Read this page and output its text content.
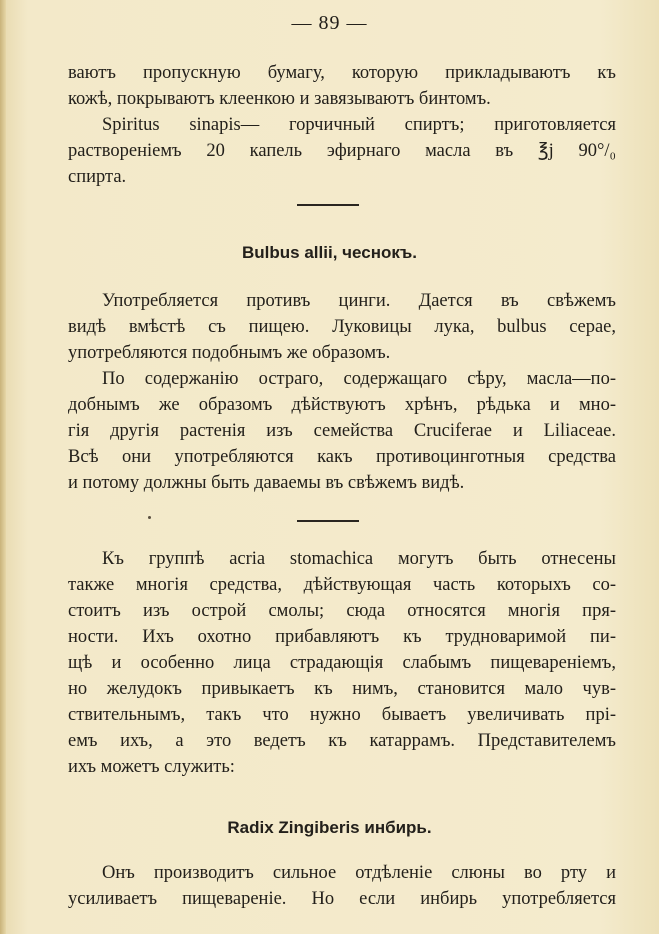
— 89 —
ваютъ пропускную бумагу, которую прикладываютъ къ
кожѣ, покрываютъ клеенкою и завязываютъ бинтомъ.
Spiritus sinapis— горчичный спиртъ; приготовляется
раствореніемъ 20 капель эфирнаго масла въ ℥j 90°/₀
спирта.
Bulbus allii, чеснокъ.
Употребляется противъ цинги. Дается въ свѣжемъ
видѣ вмѣстѣ съ пищею. Луковицы лука, bulbus cepae,
употребляются подобнымъ же образомъ.
По содержанію остраго, содержащаго сѣру, масла—по-
добнымъ же образомъ дѣйствуютъ хрѣнъ, рѣдька и мно-
гія другія растенія изъ семейства Cruciferae и Liliaceae.
Всѣ они употребляются какъ противоцинготныя средства
и потому должны быть даваемы въ свѣжемъ видѣ.
Къ группѣ acria stomachica могутъ быть отнесены
также многія средства, дѣйствующая часть которыхъ со-
стоитъ изъ острой смолы; сюда относятся многія пря-
ности. Ихъ охотно прибавляютъ къ трудноваримой пи-
щѣ и особенно лица страдающія слабымъ пищевареніемъ,
но желудокъ привыкаетъ къ нимъ, становится мало чув-
ствительнымъ, такъ что нужно бываетъ увеличивать прі-
емъ ихъ, а это ведетъ къ катаррамъ. Представителемъ
ихъ можетъ служить:
Radix Zingiberis инбирь.
Онъ производитъ сильное отдѣленіе слюны во рту и
усиливаетъ пищевареніе. Но если инбирь употребляется
